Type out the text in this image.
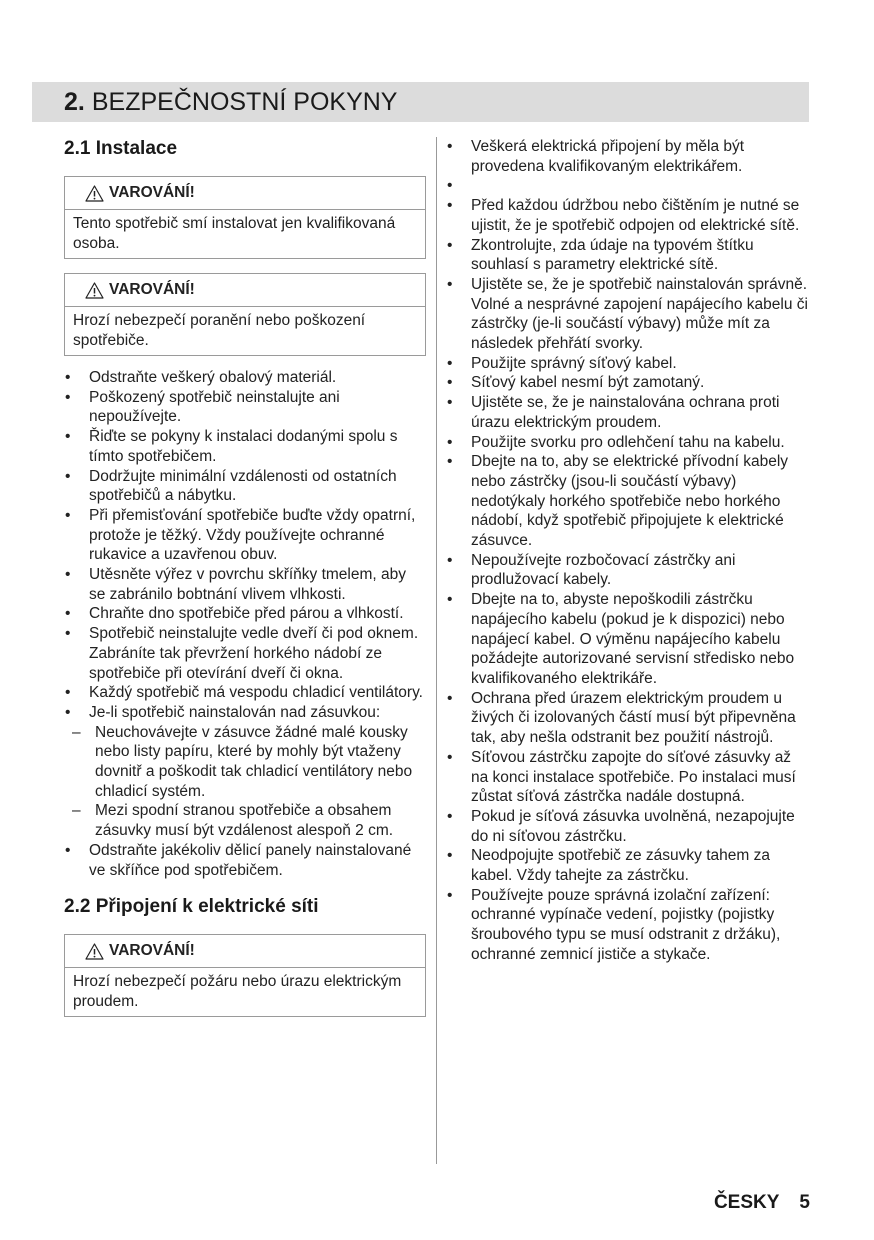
2. BEZPEČNOSTNÍ POKYNY
2.1 Instalace
VAROVÁNÍ!
Tento spotřebič smí instalovat jen kvalifikovaná osoba.
VAROVÁNÍ!
Hrozí nebezpečí poranění nebo poškození spotřebiče.
• Odstraňte veškerý obalový materiál.
• Poškozený spotřebič neinstalujte ani nepoužívejte.
• Řiďte se pokyny k instalaci dodanými spolu s tímto spotřebičem.
• Dodržujte minimální vzdálenosti od ostatních spotřebičů a nábytku.
• Při přemisťování spotřebiče buďte vždy opatrní, protože je těžký. Vždy používejte ochranné rukavice a uzavřenou obuv.
• Utěsněte výřez v povrchu skříňky tmelem, aby se zabránilo bobtnání vlivem vlhkosti.
• Chraňte dno spotřebiče před párou a vlhkostí.
• Spotřebič neinstalujte vedle dveří či pod oknem. Zabráníte tak převržení horkého nádobí ze spotřebiče při otevírání dveří či okna.
• Každý spotřebič má vespodu chladicí ventilátory.
• Je-li spotřebič nainstalován nad zásuvkou:
– Neuchovávejte v zásuvce žádné malé kousky nebo listy papíru, které by mohly být vtaženy dovnitř a poškodit tak chladicí ventilátory nebo chladicí systém.
– Mezi spodní stranou spotřebiče a obsahem zásuvky musí být vzdálenost alespoň 2 cm.
• Odstraňte jakékoliv dělicí panely nainstalované ve skříňce pod spotřebičem.
2.2 Připojení k elektrické síti
VAROVÁNÍ!
Hrozí nebezpečí požáru nebo úrazu elektrickým proudem.
• Veškerá elektrická připojení by měla být provedena kvalifikovaným elektrikářem.
•
• Před každou údržbou nebo čištěním je nutné se ujistit, že je spotřebič odpojen od elektrické sítě.
• Zkontrolujte, zda údaje na typovém štítku souhlasí s parametry elektrické sítě.
• Ujistěte se, že je spotřebič nainstalován správně. Volné a nesprávné zapojení napájecího kabelu či zástrčky (je-li součástí výbavy) může mít za následek přehřátí svorky.
• Použijte správný síťový kabel.
• Síťový kabel nesmí být zamotaný.
• Ujistěte se, že je nainstalována ochrana proti úrazu elektrickým proudem.
• Použijte svorku pro odlehčení tahu na kabelu.
• Dbejte na to, aby se elektrické přívodní kabely nebo zástrčky (jsou-li součástí výbavy) nedotýkaly horkého spotřebiče nebo horkého nádobí, když spotřebič připojujete k elektrické zásuvce.
• Nepoužívejte rozbočovací zástrčky ani prodlužovací kabely.
• Dbejte na to, abyste nepoškodili zástrčku napájecího kabelu (pokud je k dispozici) nebo napájecí kabel. O výměnu napájecího kabelu požádejte autorizované servisní středisko nebo kvalifikovaného elektrikáře.
• Ochrana před úrazem elektrickým proudem u živých či izolovaných částí musí být připevněna tak, aby nešla odstranit bez použití nástrojů.
• Síťovou zástrčku zapojte do síťové zásuvky až na konci instalace spotřebiče. Po instalaci musí zůstat síťová zástrčka nadále dostupná.
• Pokud je síťová zásuvka uvolněná, nezapojujte do ni síťovou zástrčku.
• Neodpojujte spotřebič ze zásuvky tahem za kabel. Vždy tahejte za zástrčku.
• Používejte pouze správná izolační zařízení: ochranné vypínače vedení, pojistky (pojistky šroubového typu se musí odstranit z držáku), ochranné zemnicí jističe a stykače.
ČESKY 5
